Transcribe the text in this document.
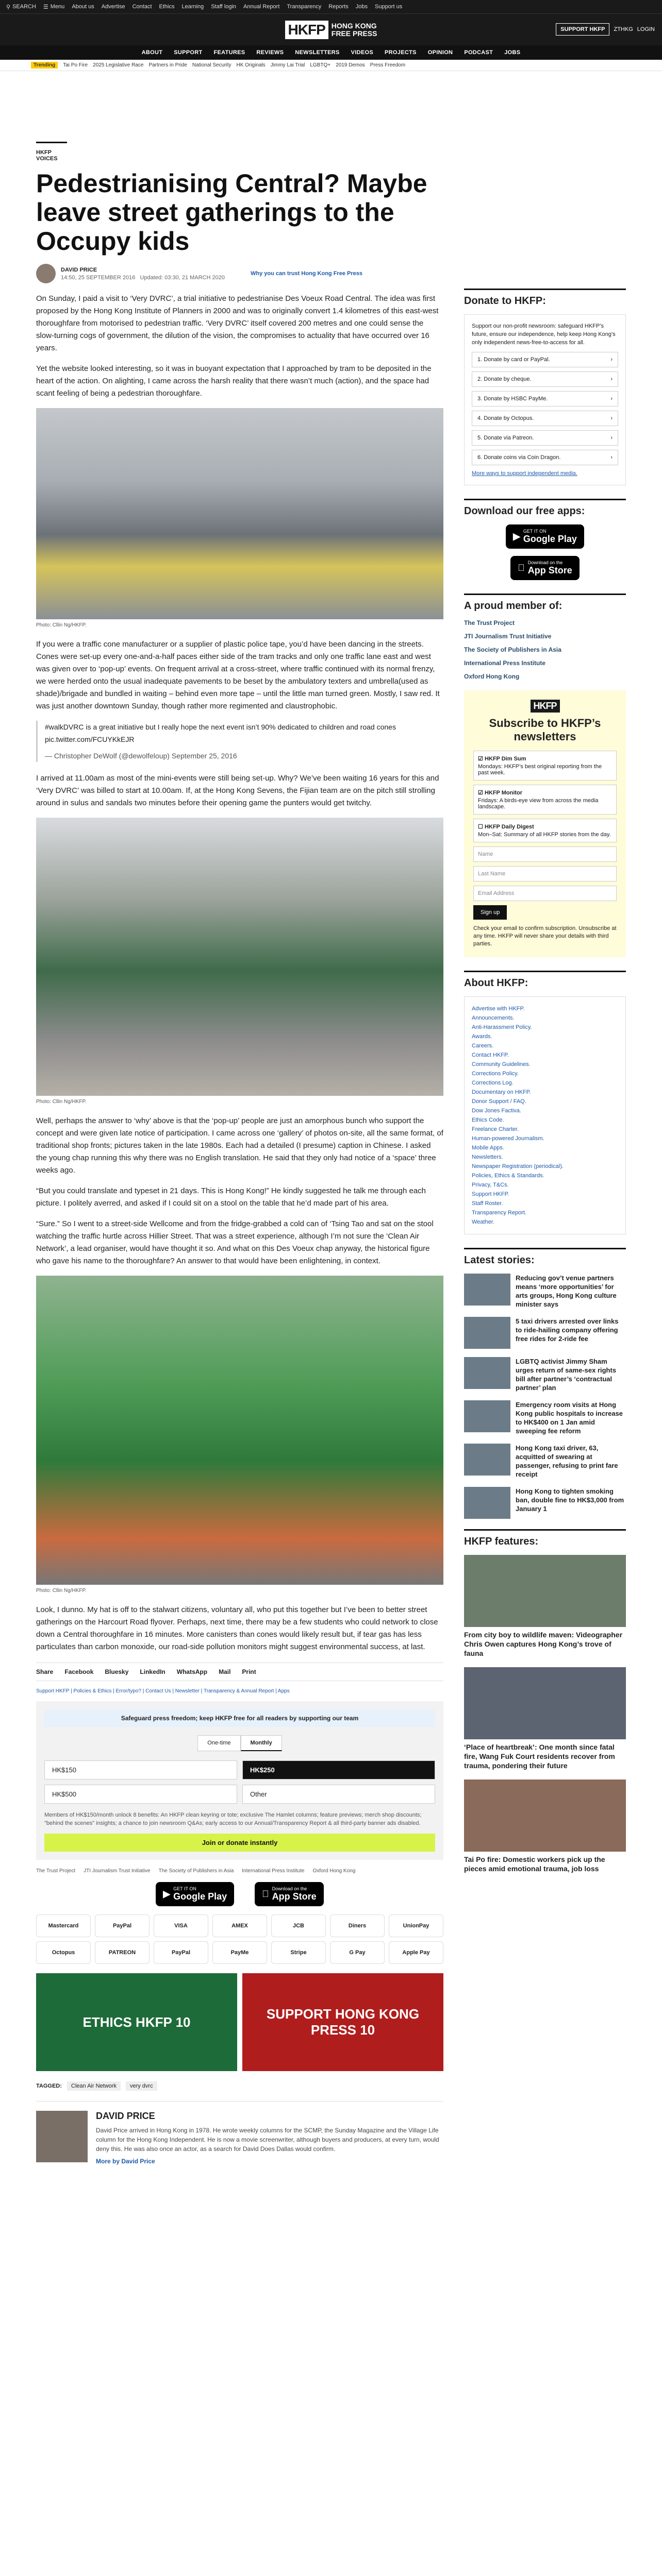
⚲ SEARCH ☰ Menu About us Advertise Contact Ethics Learning Staff login Annual Report Transparency Reports Jobs Support us
HKFP HONG KONG
FREE PRESS	SUPPORT HKFP	ZTHKG LOGIN
ABOUT SUPPORT FEATURES REVIEWS NEWSLETTERS VIDEOS PROJECTS OPINION PODCAST JOBS
Trending	Tai Po Fire 2025 Legislative Race Partners in Pride National Security HK Originals Jimmy Lai Trial LGBTQ+ 2019 Demos Press Freedom
HKFP VOICES
Pedestrianising Central? Maybe leave street gatherings to the Occupy kids
DAVID PRICE
14:50, 25 SEPTEMBER 2016 Updated: 03:30, 21 MARCH 2020
Why you can trust Hong Kong Free Press

On Sunday, I paid a visit to ‘Very DVRC’, a trial initiative to pedestrianise Des Voeux Road Central. The idea was first proposed by the Hong Kong Institute of Planners in 2000 and was to originally convert 1.4 kilometres of this east-west thoroughfare from motorised to pedestrian traffic. ‘Very DVRC’ itself covered 200 metres and one could sense the slow-turning cogs of government, the dilution of the vision, the compromises to actuality that have occurred over 16 years.

Yet the website looked interesting, so it was in buoyant expectation that I approached by tram to be deposited in the heart of the action. On alighting, I came across the harsh reality that there wasn’t much (action), and the space had scant feeling of being a pedestrian thoroughfare.

Photo: Cllin Ng/HKFP.

If you were a traffic cone manufacturer or a supplier of plastic police tape, you’d have been dancing in the streets. Cones were set-up every one-and-a-half paces either side of the tram tracks and only one traffic lane east and west was given over to ‘pop-up’ events. On frequent arrival at a cross-street, where traffic continued with its normal frenzy, we were herded onto the usual inadequate pavements to be beset by the ambulatory texters and umbrella(used as shade)/brigade and bundled in waiting – behind even more tape – until the little man turned green. Mostly, I saw red. It was just another downtown Sunday, though rather more regimented and claustrophobic.

#walkDVRC is a great initiative but I really hope the next event isn’t 90% dedicated to children and road cones pic.twitter.com/FCUYKkEJR

— Christopher DeWolf (@dewolfeloup) September 25, 2016

I arrived at 11.00am as most of the mini-events were still being set-up. Why? We’ve been waiting 16 years for this and ‘Very DVRC’ was billed to start at 10.00am. If, at the Hong Kong Sevens, the Fijian team are on the pitch still strolling around in sulus and sandals two minutes before their opening game the punters would get twitchy.

Photo: Cllin Ng/HKFP.

Well, perhaps the answer to ‘why’ above is that the ‘pop-up’ people are just an amorphous bunch who support the concept and were given late notice of participation. I came across one ‘gallery’ of photos on-site, all the same format, of traditional shop fronts; pictures taken in the late 1980s. Each had a detailed (I presume) caption in Chinese. I asked the young chap running this why there was no English translation. He said that they only had notice of a ‘space’ three weeks ago.

“But you could translate and typeset in 21 days. This is Hong Kong!” He kindly suggested he talk me through each picture. I politely averred, and asked if I could sit on a stool on the table that he’d made part of his area.

“Sure.” So I went to a street-side Wellcome and from the fridge-grabbed a cold can of ‘Tsing Tao and sat on the stool watching the traffic hurtle across Hillier Street. That was a street experience, although I’m not sure the ‘Clean Air Network’, a lead organiser, would have thought it so. And what on this Des Voeux chap anyway, the historical figure who gave his name to the thoroughfare? An answer to that would have been enlightening, in context.

Photo: Cllin Ng/HKFP.

Look, I dunno. My hat is off to the stalwart citizens, voluntary all, who put this together but I’ve been to better street gatherings on the Harcourt Road flyover. Perhaps, next time, there may be a few students who could network to close down a Central thoroughfare in 16 minutes. More canisters than cones would likely result but, if tear gas has less particulates than carbon monoxide, our road-side pollution monitors might suggest environmental success, at last.

Share Facebook Bluesky LinkedIn WhatsApp Mail Print
Support HKFP | Policies & Ethics | Error/typo? | Contact Us | Newsletter | Transparency & Annual Report | Apps
Safeguard press freedom; keep HKFP free for all readers by supporting our team
One-time	Monthly
HK$150	HK$250
HK$500	Other
Members of HK$150/month unlock 8 benefits: An HKFP clean keyring or tote; exclusive The Hamlet columns; feature previews; merch shop discounts; "behind the scenes" insights; a chance to join newsroom Q&As; early access to our Annual/Transparency Report & all third-party banner ads disabled.
Join or donate instantly
The Trust Project JTI Journalism Trust Initiative The Society of Publishers in Asia International Press Institute Oxford Hong Kong
▶ GET IT ON
Google Play
Download on the
App Store
Mastercard	PayPal	VISA	AMEX	JCB	Diners	UnionPay
Octopus	PATREON	PayPal	PayMe	Stripe	G Pay	Apple Pay
ETHICS HKFP 10
SUPPORT HONG KONG PRESS 10
TAGGED:	Clean Air Network	very dvrc
DAVID PRICE
David Price arrived in Hong Kong in 1978. He wrote weekly columns for the SCMP, the Sunday Magazine and the Village Life column for the Hong Kong Independent. He is now a movie screenwriter, although buyers and producers, at every turn, would deny this. He was also once an actor, as a search for David Does Dallas would confirm.
More by David Price
Donate to HKFP:

Support our non-profit newsroom: safeguard HKFP’s future, ensure our independence, help keep Hong Kong’s only independent news-free-to-access for all.

1. Donate by card or PayPal.	›
2. Donate by cheque.	›
3. Donate by HSBC PayMe.	›
4. Donate by Octopus.	›
5. Donate via Patreon.	›
6. Donate coins via Coin Dragon.	›

More ways to support independent media.

Download our free apps:
▶ GET IT ON
Google Play
Download on the
App Store
A proud member of:
The Trust Project
JTI Journalism Trust Initiative
The Society of Publishers in Asia
International Press Institute
Oxford Hong Kong
HKFP
Subscribe to HKFP’s newsletters
☑ HKFP Dim Sum
Mondays: HKFP’s best original reporting from the past week.
☑ HKFP Monitor
Fridays: A birds-eye view from across the media landscape.
☐ HKFP Daily Digest
Mon–Sat: Summary of all HKFP stories from the day.
Name
Last Name
Email Address
Sign up

Check your email to confirm subscription. Unsubscribe at any time. HKFP will never share your details with third parties.

About HKFP:
Advertise with HKFP.
Announcements.
Anti-Harassment Policy.
Awards.
Careers.
Contact HKFP.
Community Guidelines.
Corrections Policy.
Corrections Log.
Documentary on HKFP.
Donor Support / FAQ.
Dow Jones Factiva.
Ethics Code.
Freelance Charter.
Human-powered Journalism.
Mobile Apps.
Newsletters.
Newspaper Registration (periodical).
Policies, Ethics & Standards.
Privacy, T&Cs.
Support HKFP.
Staff Roster.
Transparency Report.
Weather.
Latest stories:
Reducing gov’t venue partners means ‘more opportunities’ for arts groups, Hong Kong culture minister says
5 taxi drivers arrested over links to ride-hailing company offering free rides for 2-ride fee
LGBTQ activist Jimmy Sham urges return of same-sex rights bill after partner’s ‘contractual partner’ plan
Emergency room visits at Hong Kong public hospitals to increase to HK$400 on 1 Jan amid sweeping fee reform
Hong Kong taxi driver, 63, acquitted of swearing at passenger, refusing to print fare receipt
Hong Kong to tighten smoking ban, double fine to HK$3,000 from January 1
HKFP features:
From city boy to wildlife maven: Videographer Chris Owen captures Hong Kong’s trove of fauna
‘Place of heartbreak’: One month since fatal fire, Wang Fuk Court residents recover from trauma, pondering their future
Tai Po fire: Domestic workers pick up the pieces amid emotional trauma, job loss
